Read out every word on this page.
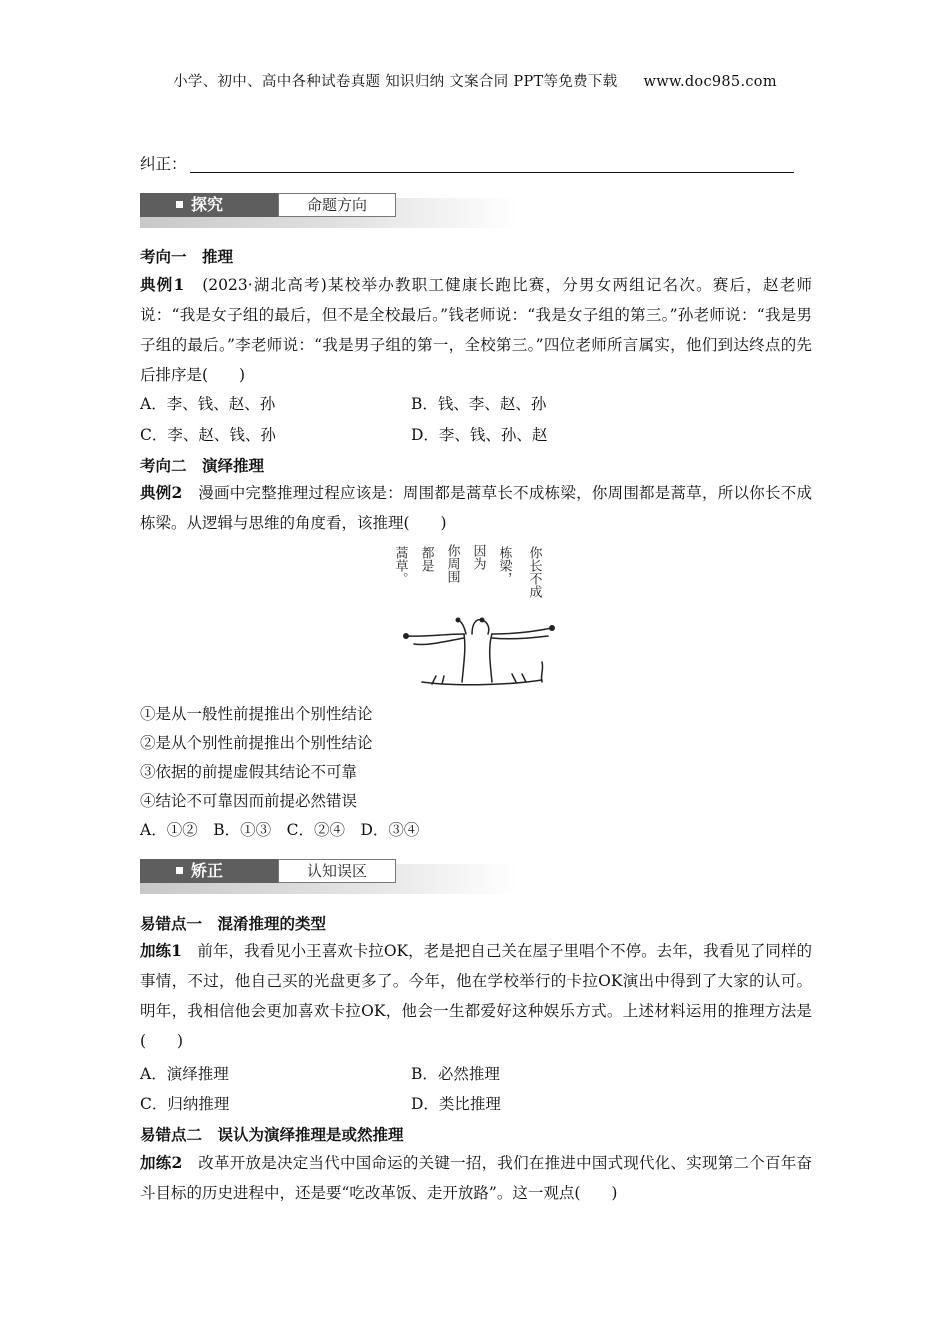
小学、初中、高中各种试卷真题 知识归纳 文案合同 PPT等免费下载 www.doc985.com
纠正：
探究	命题方向
考向一　推理
典例1　(2023·湖北高考)某校举办教职工健康长跑比赛，分男女两组记名次。赛后，赵老师说：“我是女子组的最后，但不是全校最后。”钱老师说：“我是女子组的第三。”孙老师说：“我是男子组的最后。”李老师说：“我是男子组的第一，全校第三。”四位老师所言属实，他们到达终点的先后排序是(　　)
A．李、钱、赵、孙	B．钱、李、赵、孙
C．李、赵、钱、孙	D．李、钱、孙、赵
考向二　演绎推理
典例2　漫画中完整推理过程应该是：周围都是蒿草长不成栋梁，你周围都是蒿草，所以你长不成栋梁。从逻辑与思维的角度看，该推理(　　)
蒿草。 都是 你周围 因为 栋梁， 你长不成
①是从一般性前提推出个别性结论
②是从个别性前提推出个别性结论
③依据的前提虚假其结论不可靠
④结论不可靠因而前提必然错误
A．①②　B．①③　C．②④　D．③④
矫正	认知误区
易错点一　混淆推理的类型
加练1　前年，我看见小王喜欢卡拉OK，老是把自己关在屋子里唱个不停。去年，我看见了同样的事情，不过，他自己买的光盘更多了。今年，他在学校举行的卡拉OK演出中得到了大家的认可。明年，我相信他会更加喜欢卡拉OK，他会一生都爱好这种娱乐方式。上述材料运用的推理方法是(　　)
A．演绎推理	B．必然推理
C．归纳推理	D．类比推理
易错点二　误认为演绎推理是或然推理
加练2　改革开放是决定当代中国命运的关键一招，我们在推进中国式现代化、实现第二个百年奋斗目标的历史进程中，还是要“吃改革饭、走开放路”。这一观点(　　)
